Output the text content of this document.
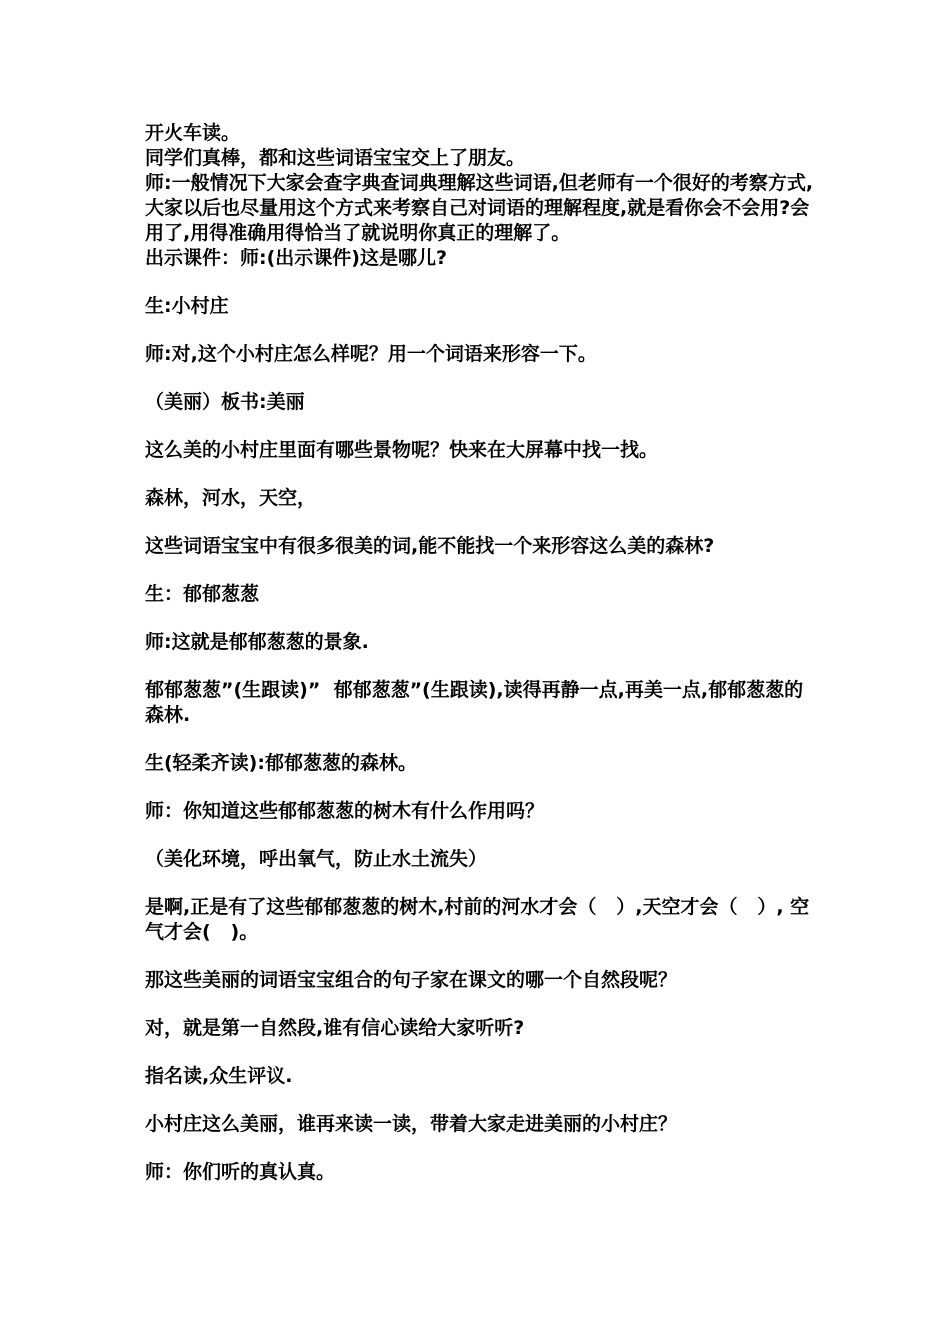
开火车读。

同学们真棒，都和这些词语宝宝交上了朋友。

师:一般情况下大家会查字典查词典理解这些词语,但老师有一个很好的考察方式,大家以后也尽量用这个方式来考察自己对词语的理解程度,就是看你会不会用?会用了,用得准确用得恰当了就说明你真正的理解了。

出示课件：师:(出示课件)这是哪儿?

生:小村庄

师:对,这个小村庄怎么样呢？用一个词语来形容一下。

（美丽）板书:美丽

这么美的小村庄里面有哪些景物呢？快来在大屏幕中找一找。

森林，河水，天空，

这些词语宝宝中有很多很美的词,能不能找一个来形容这么美的森林?

生：郁郁葱葱

师:这就是郁郁葱葱的景象.

郁郁葱葱”(生跟读)”  郁郁葱葱”(生跟读),读得再静一点,再美一点,郁郁葱葱的森林.

生(轻柔齐读):郁郁葱葱的森林。

师：你知道这些郁郁葱葱的树木有什么作用吗？

（美化环境，呼出氧气，防止水土流失）

是啊,正是有了这些郁郁葱葱的树木,村前的河水才会（   ）,天空才会（   ）, 空气才会(   )。

那这些美丽的词语宝宝组合的句子家在课文的哪一个自然段呢？

对，就是第一自然段,谁有信心读给大家听听?

指名读,众生评议.

小村庄这么美丽，谁再来读一读，带着大家走进美丽的小村庄？

师：你们听的真认真。
